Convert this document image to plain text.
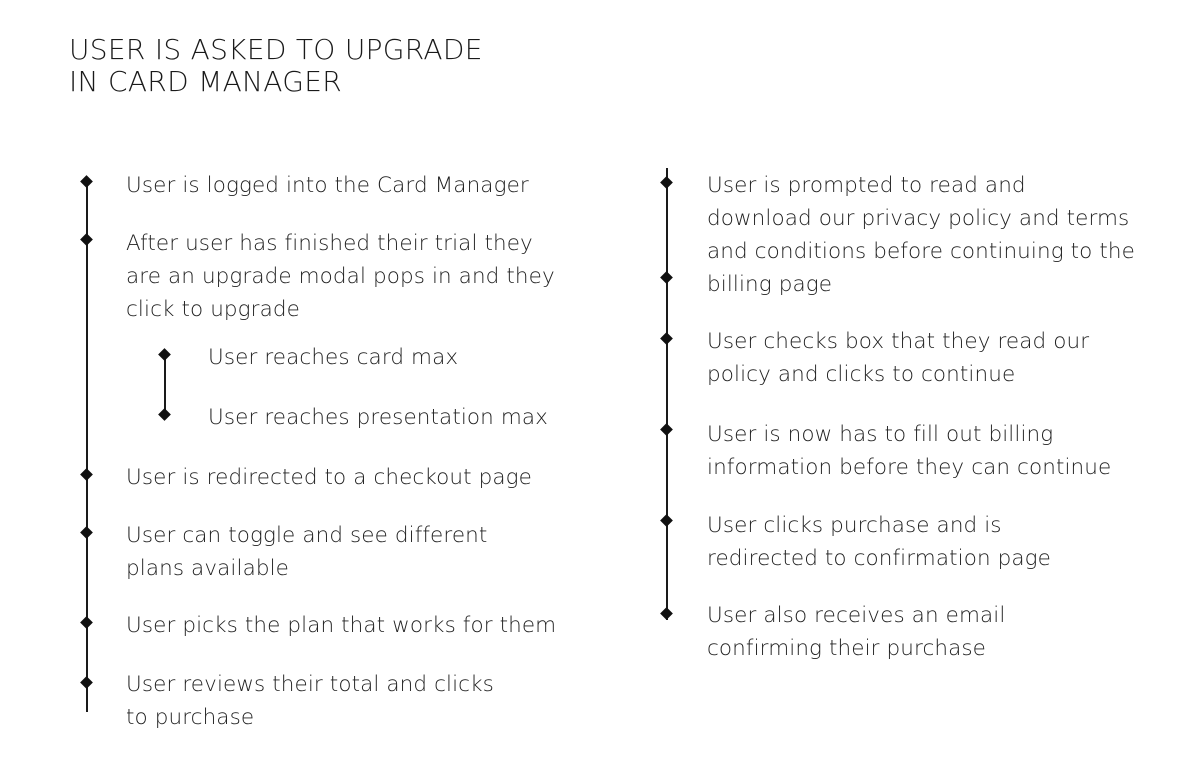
USER IS ASKED TO UPGRADE
IN CARD MANAGER
User is logged into the Card Manager
After user has finished their trial they are an upgrade modal pops in and they click to upgrade
User reaches card max
User reaches presentation max
User is redirected to a checkout page
User can toggle and see different plans available
User picks the plan that works for them
User reviews their total and clicks to purchase
User is prompted to read and download our privacy policy and terms and conditions before continuing to the billing page
User checks box that they read our policy and clicks to continue
User is now has to fill out billing information before they can continue
User clicks purchase and is redirected to confirmation page
User also receives an email confirming their purchase
